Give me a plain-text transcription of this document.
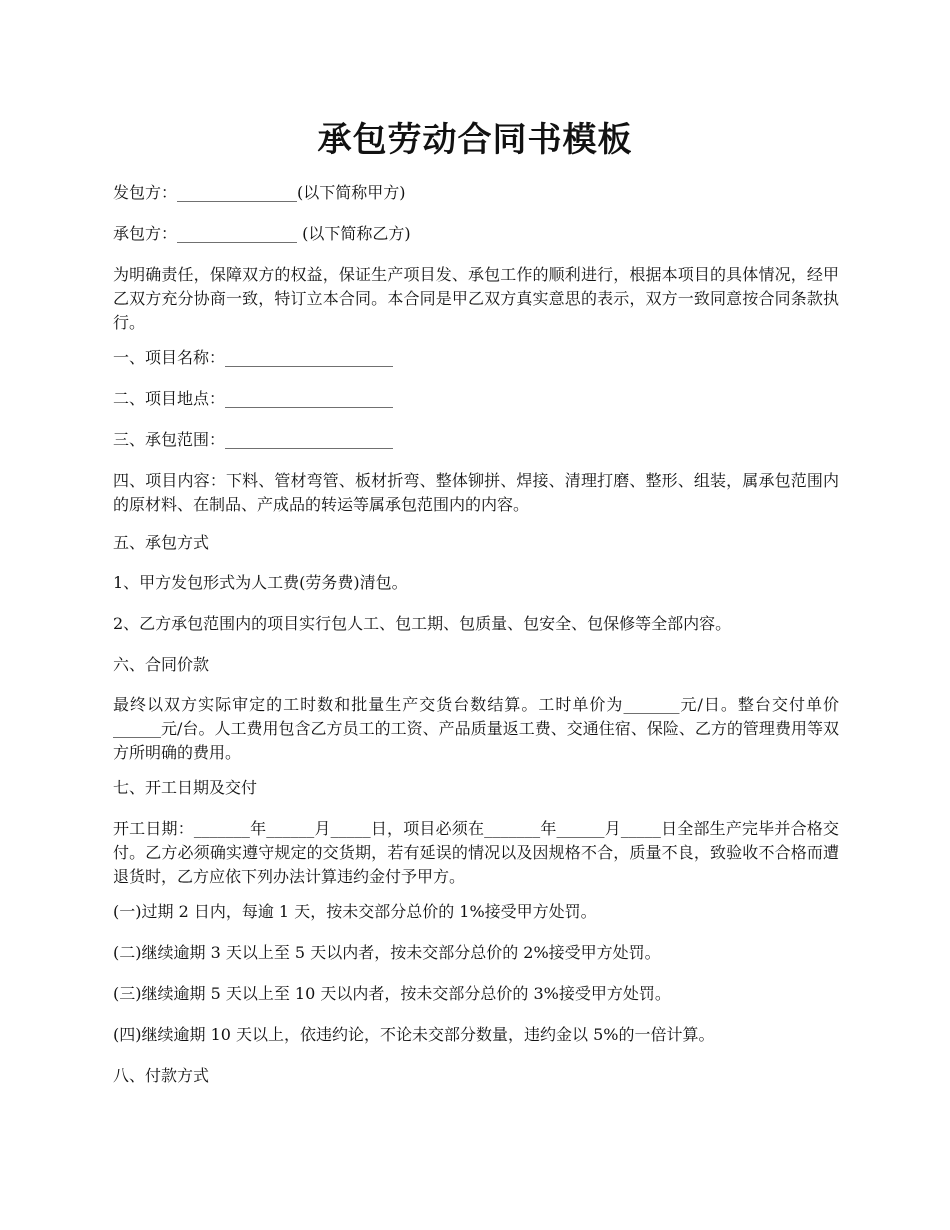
承包劳动合同书模板

发包方：_______________(以下简称甲方)

承包方：_______________ (以下简称乙方)

为明确责任，保障双方的权益，保证生产项目发、承包工作的顺利进行，根据本项目的具体情况，经甲乙双方充分协商一致，特订立本合同。本合同是甲乙双方真实意思的表示，双方一致同意按合同条款执行。

一、项目名称：_____________________

二、项目地点：_____________________

三、承包范围：_____________________

四、项目内容：下料、管材弯管、板材折弯、整体铆拼、焊接、清理打磨、整形、组装，属承包范围内的原材料、在制品、产成品的转运等属承包范围内的内容。

五、承包方式

1、甲方发包形式为人工费(劳务费)清包。

2、乙方承包范围内的项目实行包人工、包工期、包质量、包安全、包保修等全部内容。

六、合同价款

最终以双方实际审定的工时数和批量生产交货台数结算。工时单价为_______元/日。整台交付单价______元/台。人工费用包含乙方员工的工资、产品质量返工费、交通住宿、保险、乙方的管理费用等双方所明确的费用。

七、开工日期及交付

开工日期：_______年______月_____日，项目必须在_______年______月_____日全部生产完毕并合格交付。乙方必须确实遵守规定的交货期，若有延误的情况以及因规格不合，质量不良，致验收不合格而遭退货时，乙方应依下列办法计算违约金付予甲方。

(一)过期 2 日内，每逾 1 天，按未交部分总价的 1%接受甲方处罚。

(二)继续逾期 3 天以上至 5 天以内者，按未交部分总价的 2%接受甲方处罚。

(三)继续逾期 5 天以上至 10 天以内者，按未交部分总价的 3%接受甲方处罚。

(四)继续逾期 10 天以上，依违约论，不论未交部分数量，违约金以 5%的一倍计算。

八、付款方式
